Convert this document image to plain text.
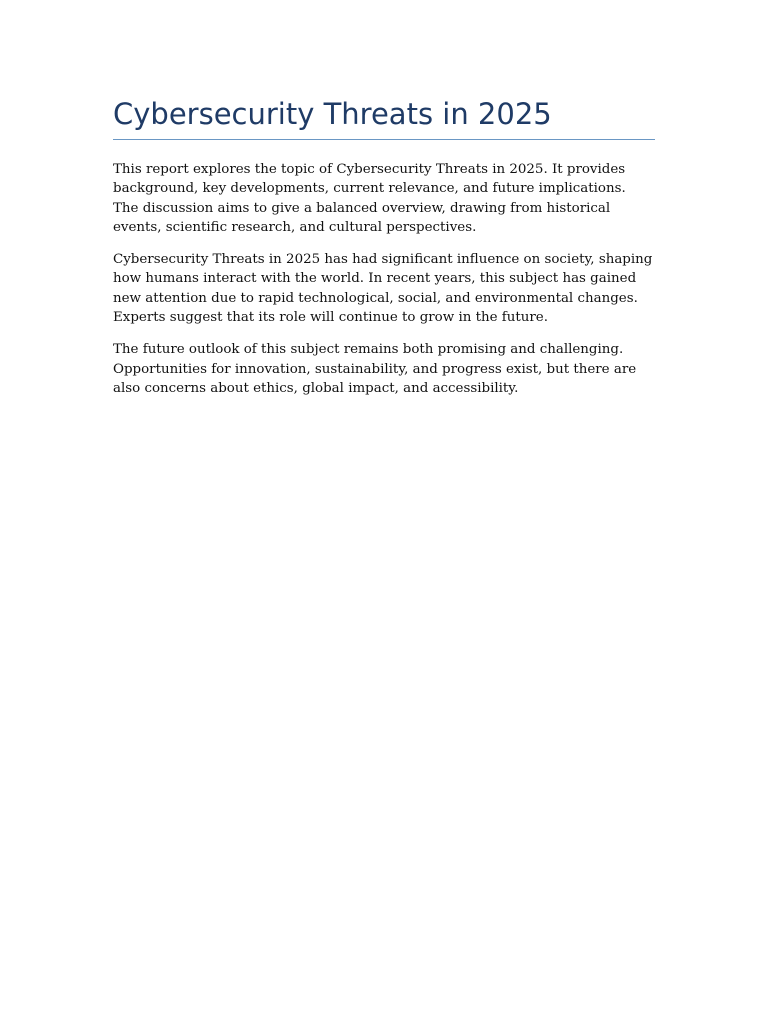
Cybersecurity Threats in 2025

This report explores the topic of Cybersecurity Threats in 2025. It provides background, key developments, current relevance, and future implications. The discussion aims to give a balanced overview, drawing from historical events, scientific research, and cultural perspectives.

Cybersecurity Threats in 2025 has had significant influence on society, shaping how humans interact with the world. In recent years, this subject has gained new attention due to rapid technological, social, and environmental changes. Experts suggest that its role will continue to grow in the future.

The future outlook of this subject remains both promising and challenging. Opportunities for innovation, sustainability, and progress exist, but there are also concerns about ethics, global impact, and accessibility.
